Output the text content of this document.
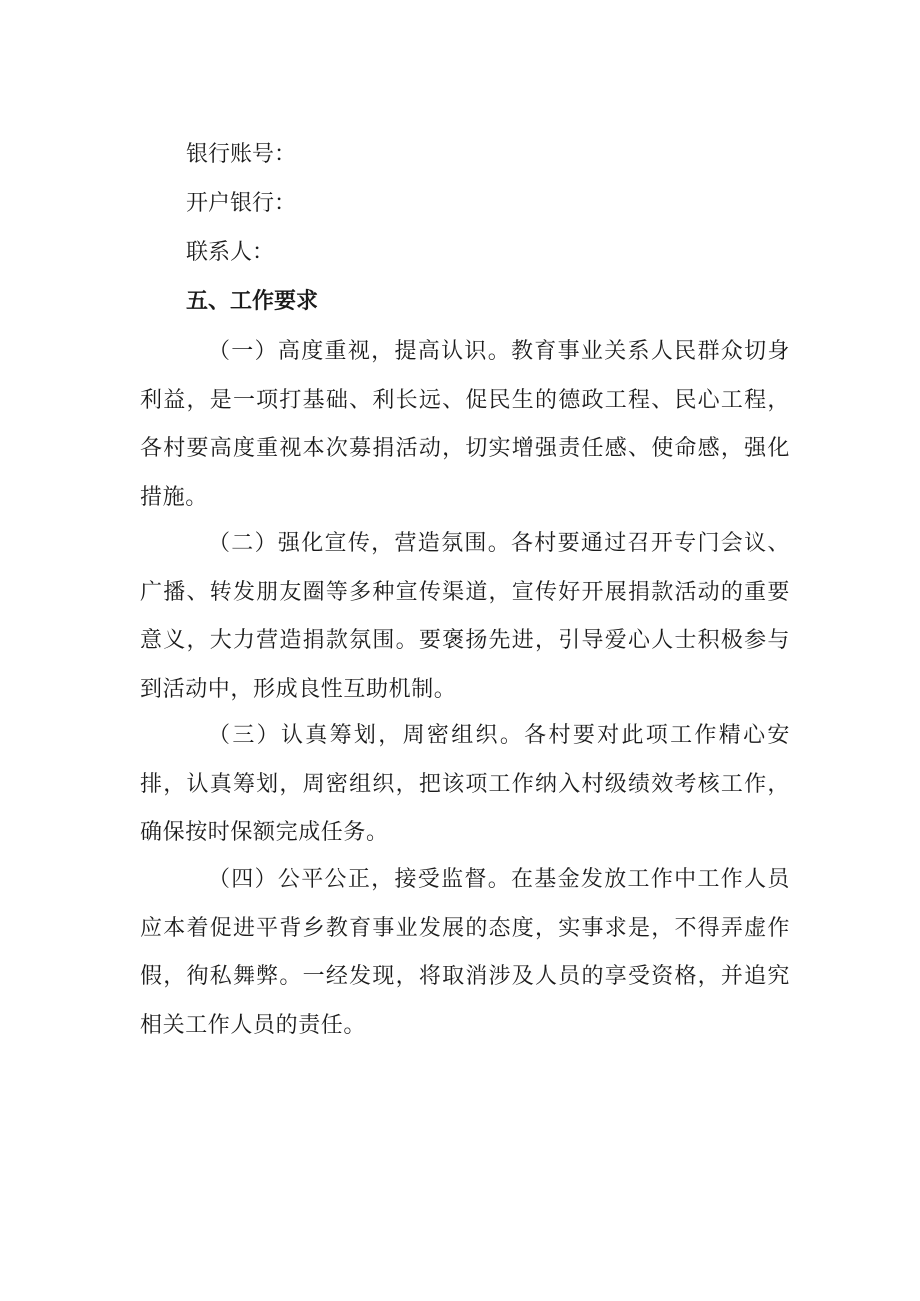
银行账号：

开户银行：

联系人：

五、工作要求

（一）高度重视，提高认识。教育事业关系人民群众切身利益，是一项打基础、利长远、促民生的德政工程、民心工程，各村要高度重视本次募捐活动，切实增强责任感、使命感，强化措施。

（二）强化宣传，营造氛围。各村要通过召开专门会议、广播、转发朋友圈等多种宣传渠道，宣传好开展捐款活动的重要意义，大力营造捐款氛围。要褒扬先进，引导爱心人士积极参与到活动中，形成良性互助机制。

（三）认真筹划，周密组织。各村要对此项工作精心安排，认真筹划，周密组织，把该项工作纳入村级绩效考核工作，确保按时保额完成任务。

（四）公平公正，接受监督。在基金发放工作中工作人员应本着促进平背乡教育事业发展的态度，实事求是，不得弄虚作假，徇私舞弊。一经发现，将取消涉及人员的享受资格，并追究相关工作人员的责任。
